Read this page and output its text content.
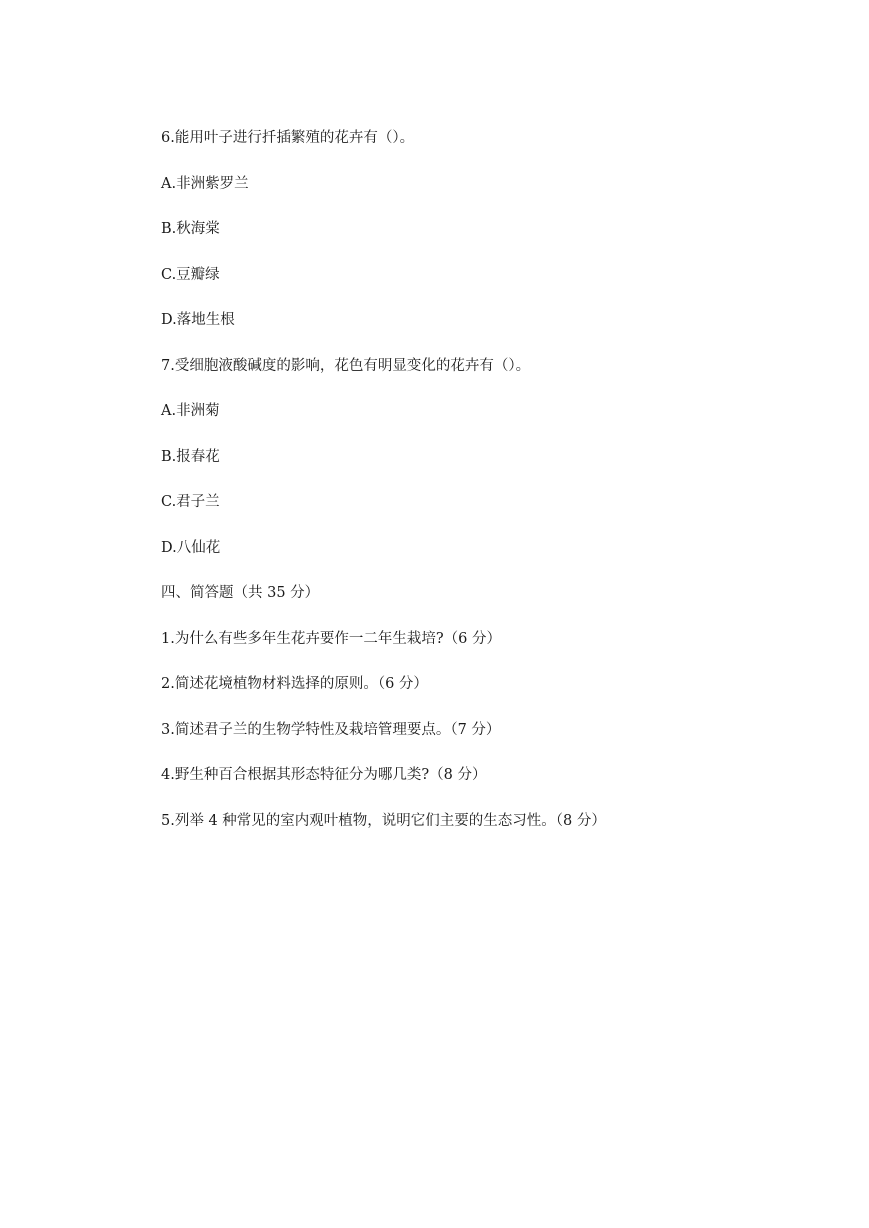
6.能用叶子进行扦插繁殖的花卉有（）。
A.非洲紫罗兰
B.秋海棠
C.豆瓣绿
D.落地生根
7.受细胞液酸碱度的影响，花色有明显变化的花卉有（）。
A.非洲菊
B.报春花
C.君子兰
D.八仙花
四、简答题（共 35 分）
1.为什么有些多年生花卉要作一二年生栽培?（6 分）
2.简述花境植物材料选择的原则。（6 分）
3.简述君子兰的生物学特性及栽培管理要点。（7 分）
4.野生种百合根据其形态特征分为哪几类?（8 分）
5.列举 4 种常见的室内观叶植物，说明它们主要的生态习性。（8 分）
